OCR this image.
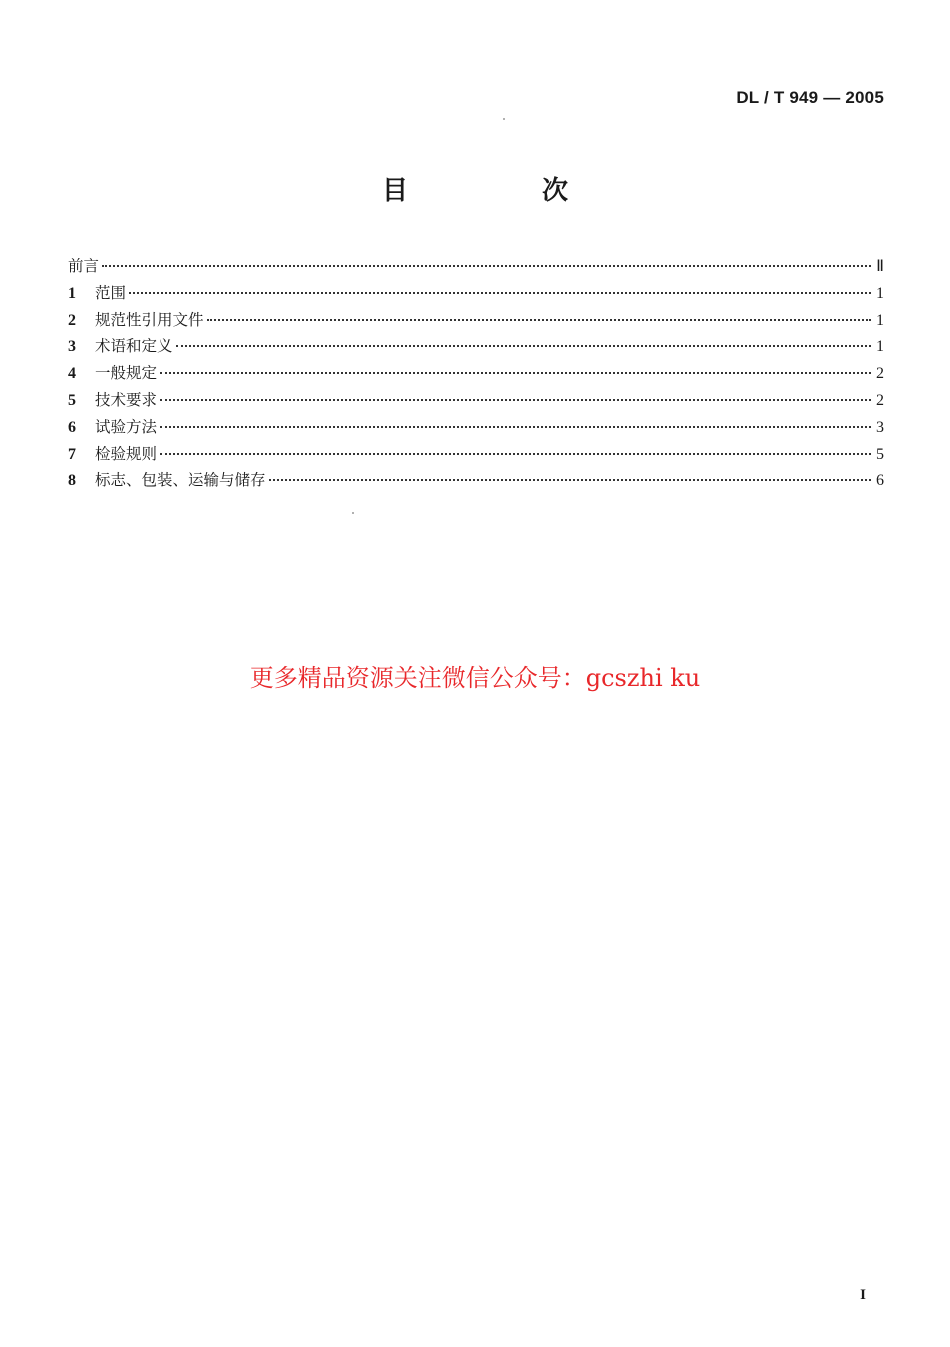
DL / T 949 — 2005
目　次
前言	Ⅱ
1	范围	1
2	规范性引用文件	1
3	术语和定义	1
4	一般规定	2
5	技术要求	2
6	试验方法	3
7	检验规则	5
8	标志、包装、运输与储存	6
更多精品资源关注微信公众号：gcszhi ku
I
